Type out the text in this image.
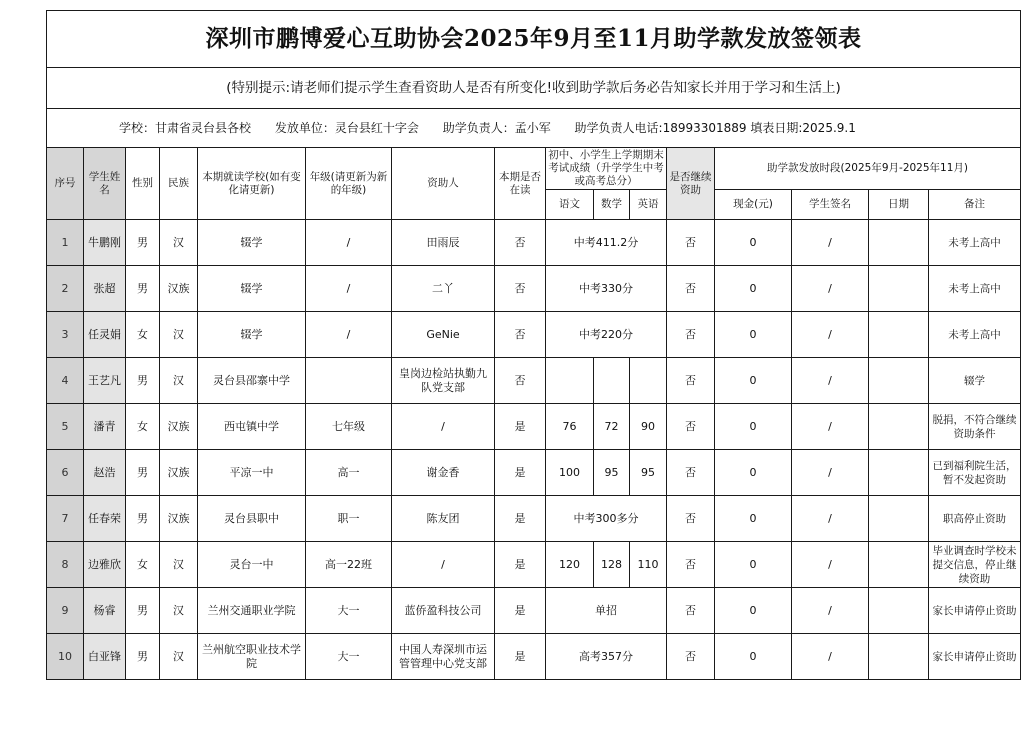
深圳市鹏博爱心互助协会2025年9月至11月助学款发放签领表															
(特别提示:请老师们提示学生查看资助人是否有所变化!收到助学款后务必告知家长并用于学习和生活上)															
学校：甘肃省灵台县各校 发放单位：灵台县红十字会 助学负责人：孟小军 助学负责人电话:18993301889 填表日期:2025.9.1															
序号	学生姓名	性别	民族	本期就读学校(如有变化请更新)	年级(请更新为新的年级)	资助人	本期是否在读	初中、小学生上学期期末考试成绩（升学学生中考或高考总分）			是否继续资助	助学款发放时段(2025年9月-2025年11月)			
								语文	数学	英语		现金(元)	学生签名	日期	备注
1	牛鹏刚	男	汉	辍学	/	田雨辰	否	中考411.2分			否	0	/		未考上高中
2	张超	男	汉族	辍学	/	二丫	否	中考330分			否	0	/		未考上高中
3	任灵娟	女	汉	辍学	/	GeNie	否	中考220分			否	0	/		未考上高中
4	王艺凡	男	汉	灵台县邵寨中学		皇岗边检站执勤九队党支部	否				否	0	/		辍学
5	潘青	女	汉族	西屯镇中学	七年级	/	是	76	72	90	否	0	/		脱捐，不符合继续资助条件
6	赵浩	男	汉族	平凉一中	高一	谢金香	是	100	95	95	否	0	/		已到福利院生活，暂不发起资助
7	任春荣	男	汉族	灵台县职中	职一	陈友团	是	中考300多分			否	0	/		职高停止资助
8	边雅欣	女	汉	灵台一中	高一22班	/	是	120	128	110	否	0	/		毕业调查时学校未提交信息，停止继续资助
9	杨睿	男	汉	兰州交通职业学院	大一	蓝侨盈科技公司	是	单招			否	0	/		家长申请停止资助
10	白亚锋	男	汉	兰州航空职业技术学院	大一	中国人寿深圳市运管管理中心党支部	是	高考357分			否	0	/		家长申请停止资助
